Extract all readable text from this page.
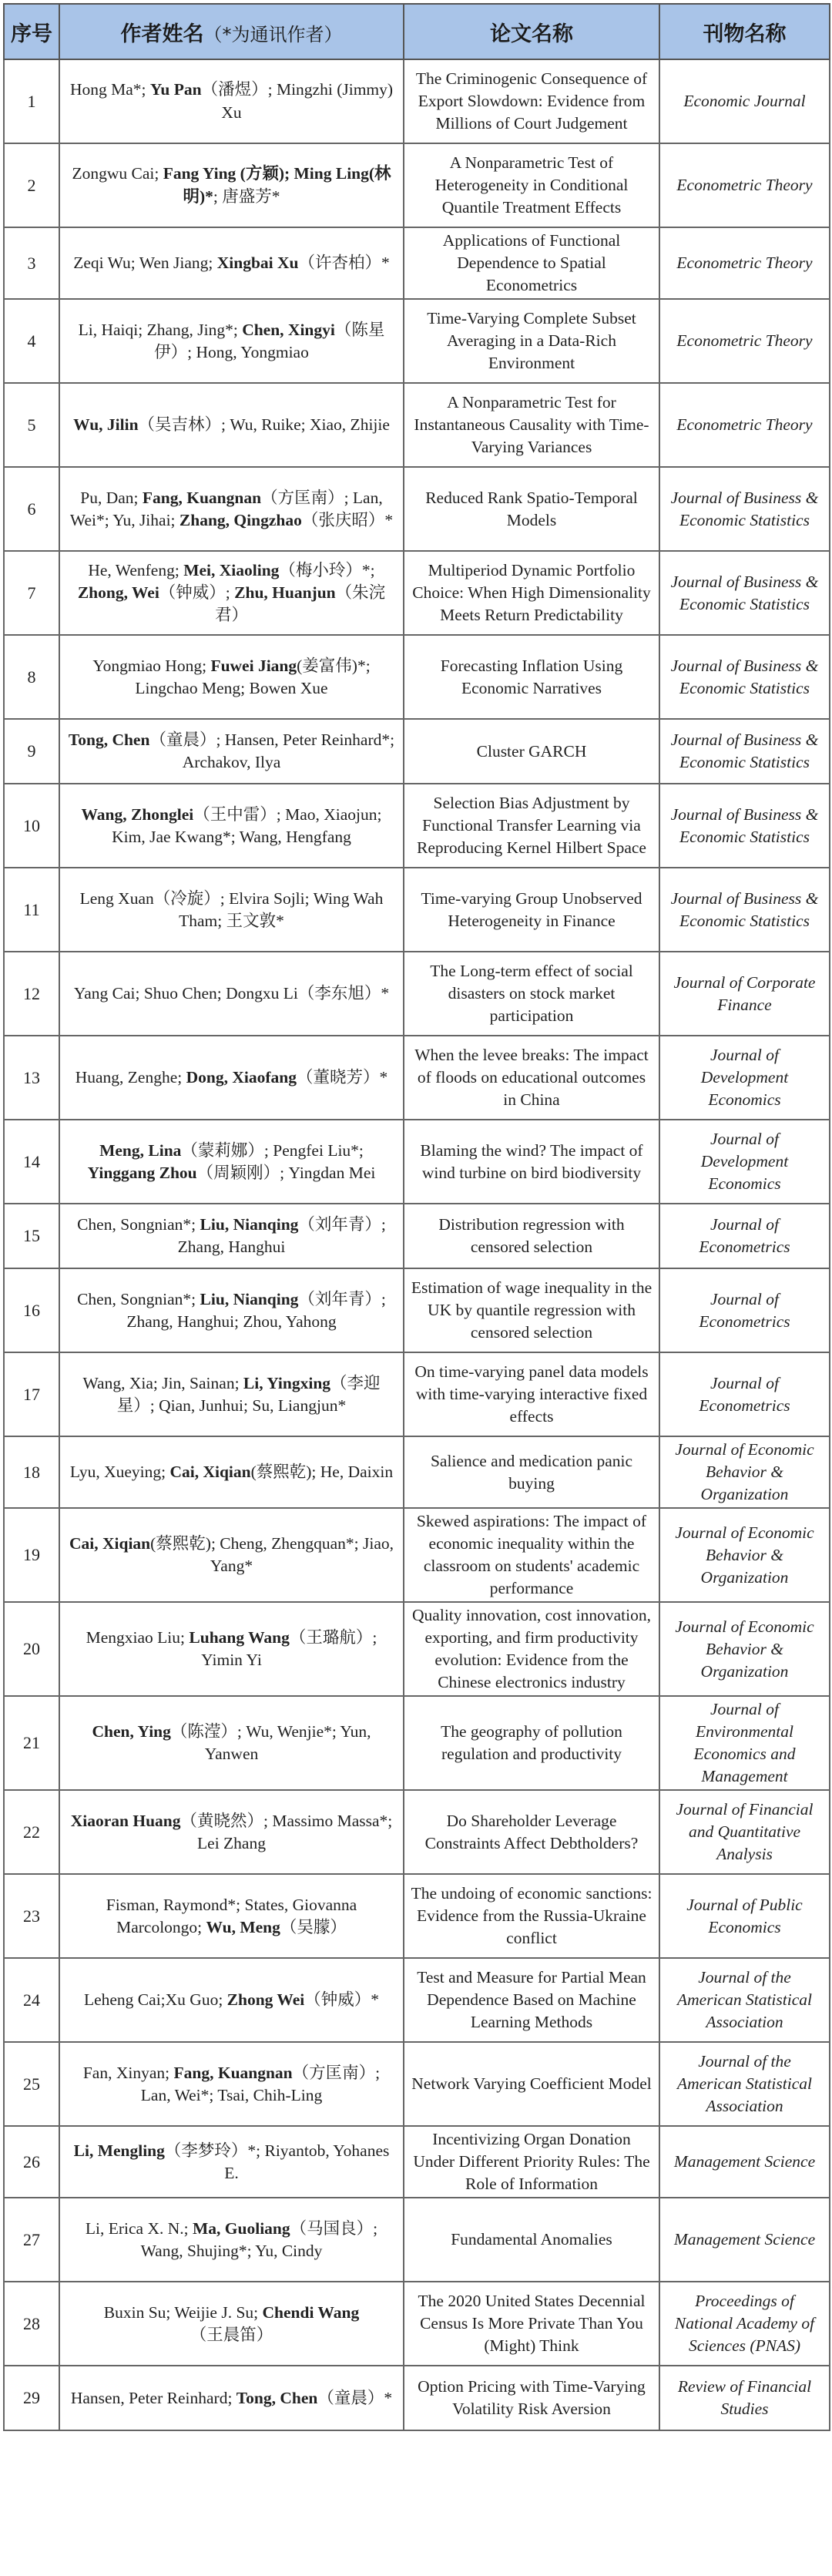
序号	作者姓名（*为通讯作者）	论文名称	刊物名称
1	Hong Ma*; Yu Pan（潘煜）; Mingzhi (Jimmy) Xu	The Criminogenic Consequence of Export Slowdown: Evidence from Millions of Court Judgement	Economic Journal
2	Zongwu Cai; Fang Ying (方颖); Ming Ling(林明)*; 唐盛芳*	A Nonparametric Test of Heterogeneity in Conditional Quantile Treatment Effects	Econometric Theory
3	Zeqi Wu; Wen Jiang; Xingbai Xu（许杏柏）*	Applications of Functional Dependence to Spatial Econometrics	Econometric Theory
4	Li, Haiqi; Zhang, Jing*; Chen, Xingyi（陈星伊）; Hong, Yongmiao	Time-Varying Complete Subset Averaging in a Data-Rich Environment	Econometric Theory
5	Wu, Jilin（吴吉林）; Wu, Ruike; Xiao, Zhijie	A Nonparametric Test for Instantaneous Causality with Time-Varying Variances	Econometric Theory
6	Pu, Dan; Fang, Kuangnan（方匡南）; Lan, Wei*; Yu, Jihai; Zhang, Qingzhao（张庆昭）*	Reduced Rank Spatio-Temporal Models	Journal of Business & Economic Statistics
7	He, Wenfeng; Mei, Xiaoling（梅小玲）*; Zhong, Wei（钟威）; Zhu, Huanjun（朱浣君）	Multiperiod Dynamic Portfolio Choice: When High Dimensionality Meets Return Predictability	Journal of Business & Economic Statistics
8	Yongmiao Hong; Fuwei Jiang(姜富伟)*; Lingchao Meng; Bowen Xue	Forecasting Inflation Using Economic Narratives	Journal of Business & Economic Statistics
9	Tong, Chen（童晨）; Hansen, Peter Reinhard*; Archakov, Ilya	Cluster GARCH	Journal of Business & Economic Statistics
10	Wang, Zhonglei（王中雷）; Mao, Xiaojun; Kim, Jae Kwang*; Wang, Hengfang	Selection Bias Adjustment by Functional Transfer Learning via Reproducing Kernel Hilbert Space	Journal of Business & Economic Statistics
11	Leng Xuan（冷旋）; Elvira Sojli; Wing Wah Tham; 王文敦*	Time-varying Group Unobserved Heterogeneity in Finance	Journal of Business & Economic Statistics
12	Yang Cai; Shuo Chen; Dongxu Li（李东旭）*	The Long-term effect of social disasters on stock market participation	Journal of Corporate Finance
13	Huang, Zenghe; Dong, Xiaofang（董晓芳）*	When the levee breaks: The impact of floods on educational outcomes in China	Journal of Development Economics
14	Meng, Lina（蒙莉娜）; Pengfei Liu*; Yinggang Zhou（周颖刚）; Yingdan Mei	Blaming the wind? The impact of wind turbine on bird biodiversity	Journal of Development Economics
15	Chen, Songnian*; Liu, Nianqing（刘年青）; Zhang, Hanghui	Distribution regression with censored selection	Journal of Econometrics
16	Chen, Songnian*; Liu, Nianqing（刘年青）; Zhang, Hanghui; Zhou, Yahong	Estimation of wage inequality in the UK by quantile regression with censored selection	Journal of Econometrics
17	Wang, Xia; Jin, Sainan; Li, Yingxing（李迎星）; Qian, Junhui; Su, Liangjun*	On time-varying panel data models with time-varying interactive fixed effects	Journal of Econometrics
18	Lyu, Xueying; Cai, Xiqian(蔡熙乾); He, Daixin	Salience and medication panic buying	Journal of Economic Behavior & Organization
19	Cai, Xiqian(蔡熙乾); Cheng, Zhengquan*; Jiao, Yang*	Skewed aspirations: The impact of economic inequality within the classroom on students' academic performance	Journal of Economic Behavior & Organization
20	Mengxiao Liu; Luhang Wang（王璐航）; Yimin Yi	Quality innovation, cost innovation, exporting, and firm productivity evolution: Evidence from the Chinese electronics industry	Journal of Economic Behavior & Organization
21	Chen, Ying（陈滢）; Wu, Wenjie*; Yun, Yanwen	The geography of pollution regulation and productivity	Journal of Environmental Economics and Management
22	Xiaoran Huang（黄晓然）; Massimo Massa*; Lei Zhang	Do Shareholder Leverage Constraints Affect Debtholders?	Journal of Financial and Quantitative Analysis
23	Fisman, Raymond*; States, Giovanna Marcolongo; Wu, Meng（吴朦）	The undoing of economic sanctions: Evidence from the Russia-Ukraine conflict	Journal of Public Economics
24	Leheng Cai;Xu Guo; Zhong Wei（钟威）*	Test and Measure for Partial Mean Dependence Based on Machine Learning Methods	Journal of the American Statistical Association
25	Fan, Xinyan; Fang, Kuangnan（方匡南）; Lan, Wei*; Tsai, Chih-Ling	Network Varying Coefficient Model	Journal of the American Statistical Association
26	Li, Mengling（李梦玲）*; Riyantob, Yohanes E.	Incentivizing Organ Donation Under Different Priority Rules: The Role of Information	Management Science
27	Li, Erica X. N.; Ma, Guoliang（马国良）; Wang, Shujing*; Yu, Cindy	Fundamental Anomalies	Management Science
28	Buxin Su; Weijie J. Su; Chendi Wang（王晨笛）	The 2020 United States Decennial Census Is More Private Than You (Might) Think	Proceedings of National Academy of Sciences (PNAS)
29	Hansen, Peter Reinhard; Tong, Chen（童晨）*	Option Pricing with Time-Varying Volatility Risk Aversion	Review of Financial Studies
